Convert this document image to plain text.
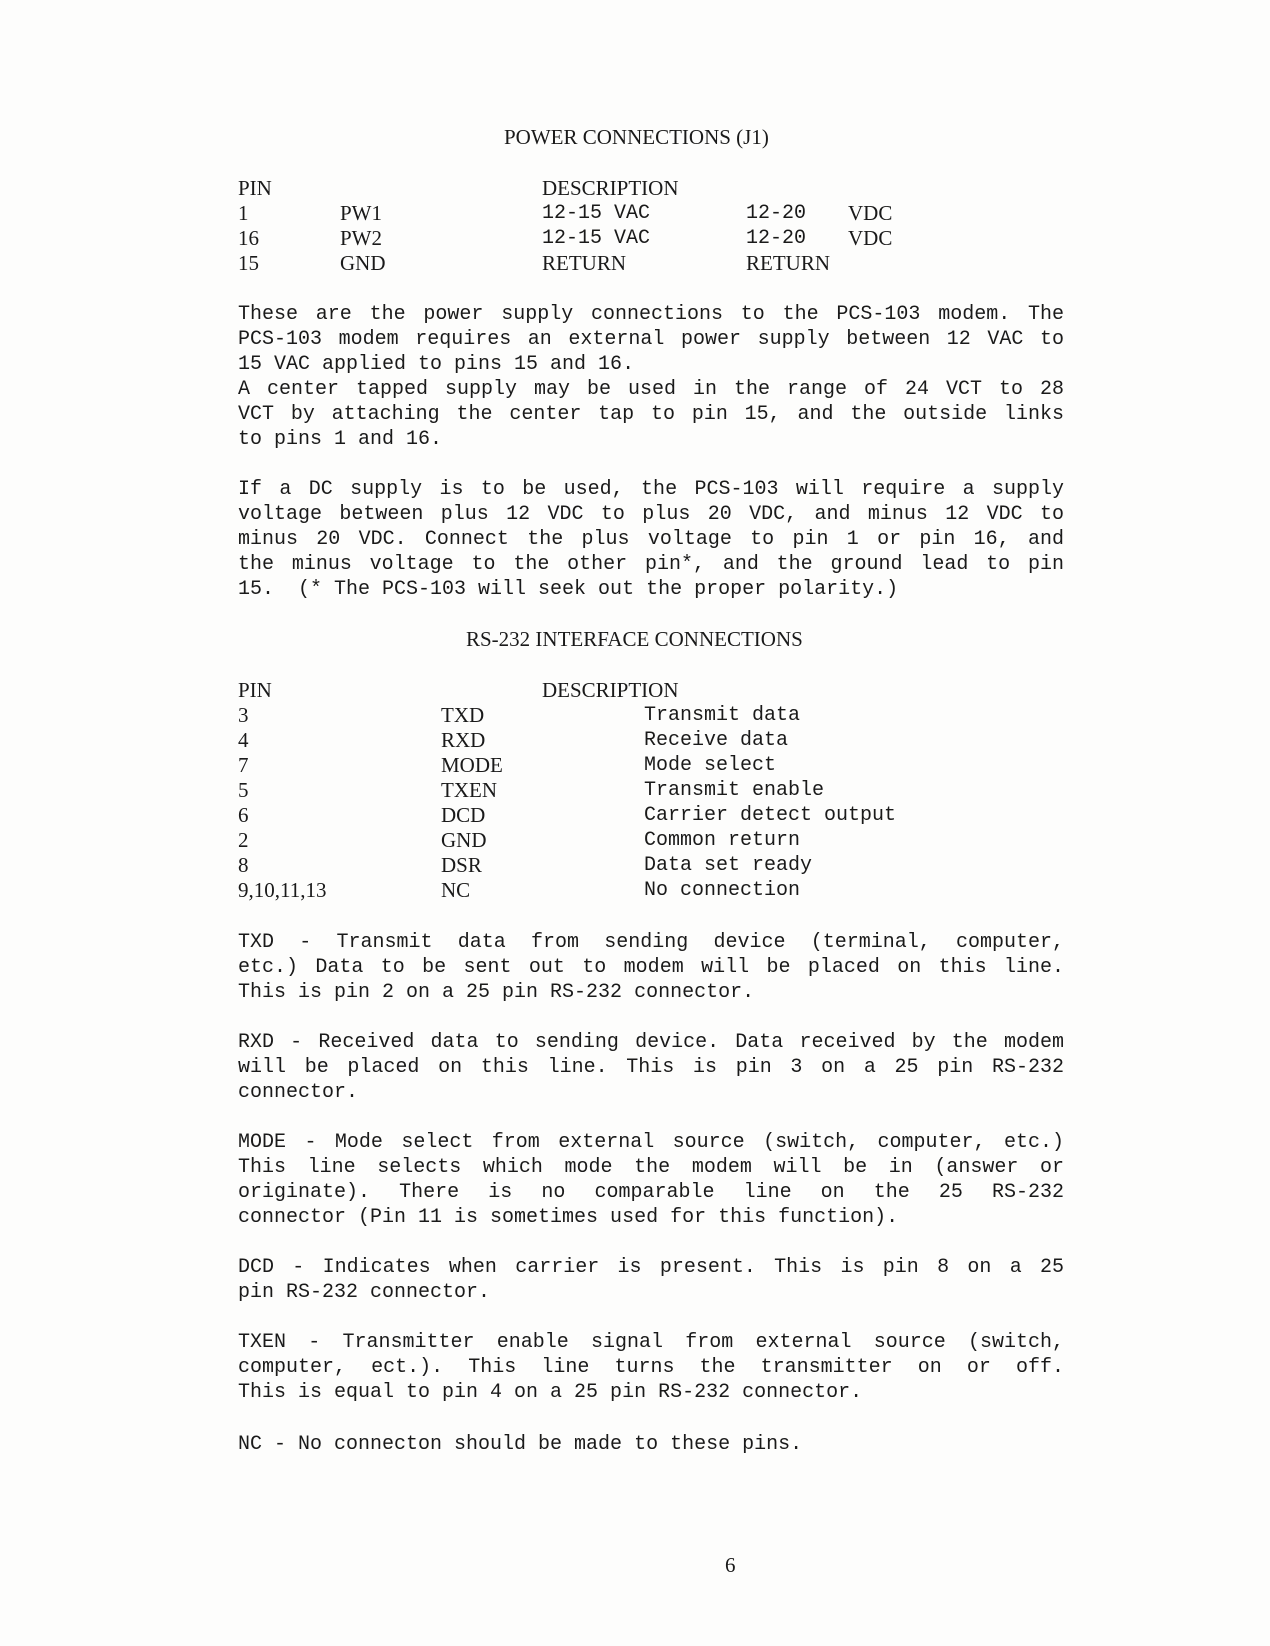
POWER CONNECTIONS (J1)
PIN	DESCRIPTION
1	PW1	12-15 VAC	12-20 VDC
16	PW2	12-15 VAC	12-20 VDC
15	GND	RETURN	RETURN
These are the power supply connections to the PCS-103 modem. The
PCS-103 modem requires an external power supply between 12 VAC to
15 VAC applied to pins 15 and 16.
A center tapped supply may be used in the range of 24 VCT to 28
VCT by attaching the center tap to pin 15, and the outside links
to pins 1 and 16.
If a DC supply is to be used, the PCS-103 will require a supply
voltage between plus 12 VDC to plus 20 VDC, and minus 12 VDC to
minus 20 VDC. Connect the plus voltage to pin 1 or pin 16, and
the minus voltage to the other pin*, and the ground lead to pin
15.  (* The PCS-103 will seek out the proper polarity.)
RS-232 INTERFACE CONNECTIONS
PIN	DESCRIPTION
3	TXD	Transmit data
4	RXD	Receive data
7	MODE	Mode select
5	TXEN	Transmit enable
6	DCD	Carrier detect output
2	GND	Common return
8	DSR	Data set ready
9,10,11,13	NC	No connection
TXD - Transmit data from sending device (terminal, computer,
etc.) Data to be sent out to modem will be placed on this line.
This is pin 2 on a 25 pin RS-232 connector.
RXD - Received data to sending device. Data received by the modem
will be placed on this line. This is pin 3 on a 25 pin RS-232
connector.
MODE - Mode select from external source (switch, computer, etc.)
This line selects which mode the modem will be in (answer or
originate). There is no comparable line on the 25 RS-232
connector (Pin 11 is sometimes used for this function).
DCD - Indicates when carrier is present. This is pin 8 on a 25
pin RS-232 connector.
TXEN - Transmitter enable signal from external source (switch,
computer, ect.). This line turns the transmitter on or off.
This is equal to pin 4 on a 25 pin RS-232 connector.
NC - No connecton should be made to these pins.
6
